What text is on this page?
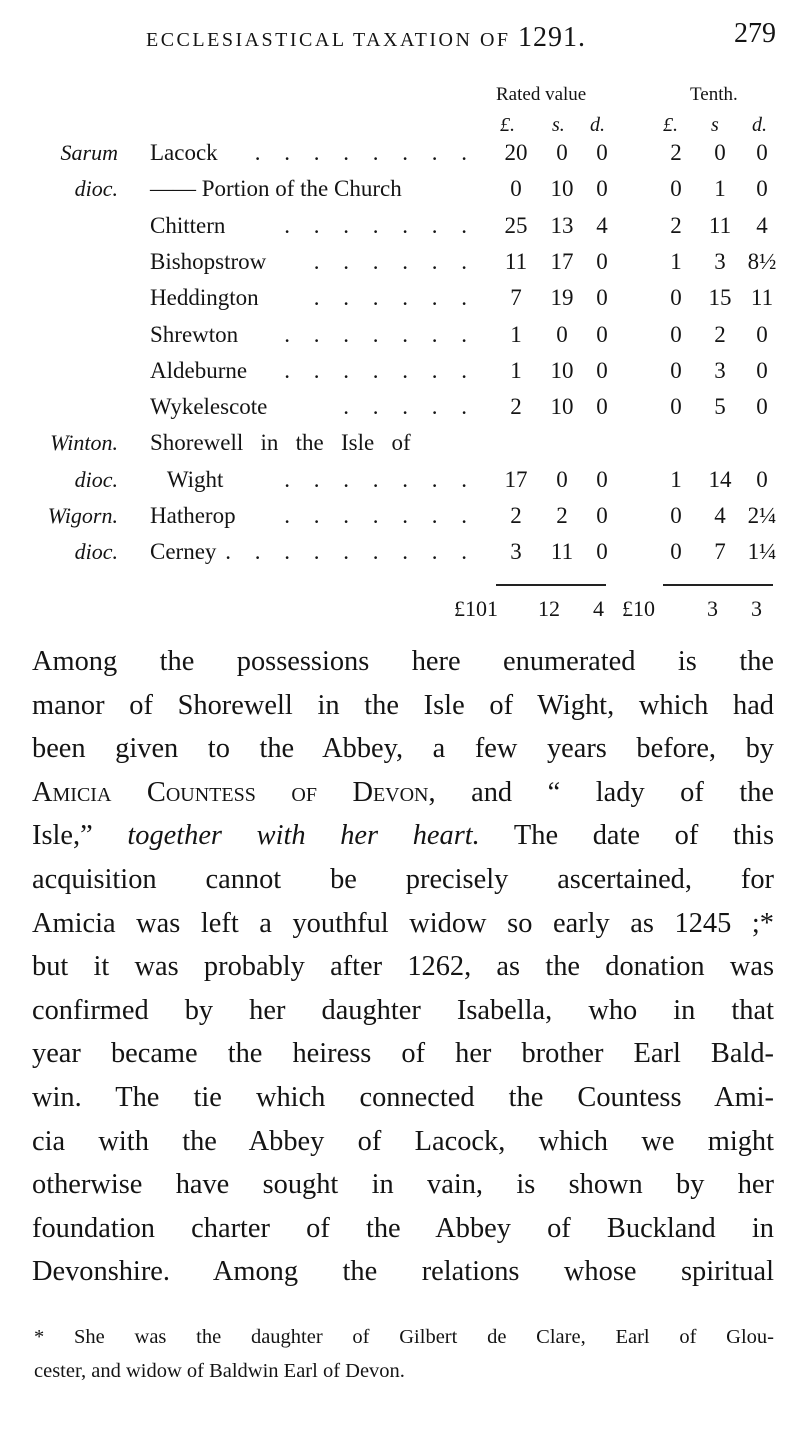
ECCLESIASTICAL TAXATION OF 1291.	279
Rated value	Tenth.
£. s. d.	£. s d.
Sarum Lacock	. . . . . . . .	20	0	0	2	0	0
dioc. —— Portion of the Church	0	10 0	0	1	0
Chittern	. . . . . . .	25	13 4	2	11	4
Bishopstrow	. . . . . .	11	17 0	1	3 8½
Heddington	. . . . . .	7	19 0	0	15 11
Shrewton	. . . . . . .	1	0	0	0	2	0
Aldeburne	. . . . . . .	1	10 0	0	3	0
Wykelescote	. . . . .	2	10 0	0	5	0
Winton. Shorewell   in   the   Isle   of
dioc. Wight	. . . . . . .	17	0	0	1	14	0
Wigorn. Hatherop	. . . . . . .	2	2	0	0	4 2¼
dioc. Cerney . . . . . . . . .	3	11	0	0	7 1¼
£101 12 4 £10 3 3
Among the possessions here enumerated is the
manor of Shorewell in the Isle of Wight, which had
been given to the Abbey, a few years before, by
Amicia Countess of Devon, and “ lady of the
Isle,” together with her heart. The date of this
acquisition cannot be precisely ascertained, for
Amicia was left a youthful widow so early as 1245 ;*
but it was probably after 1262, as the donation was
confirmed by her daughter Isabella, who in that
year became the heiress of her brother Earl Bald-
win. The tie which connected the Countess Ami-
cia with the Abbey of Lacock, which we might
otherwise have sought in vain, is shown by her
foundation charter of the Abbey of Buckland in
Devonshire. Among the relations whose spiritual
* She was the daughter of Gilbert de Clare, Earl of Glou-
cester, and widow of Baldwin Earl of Devon.
